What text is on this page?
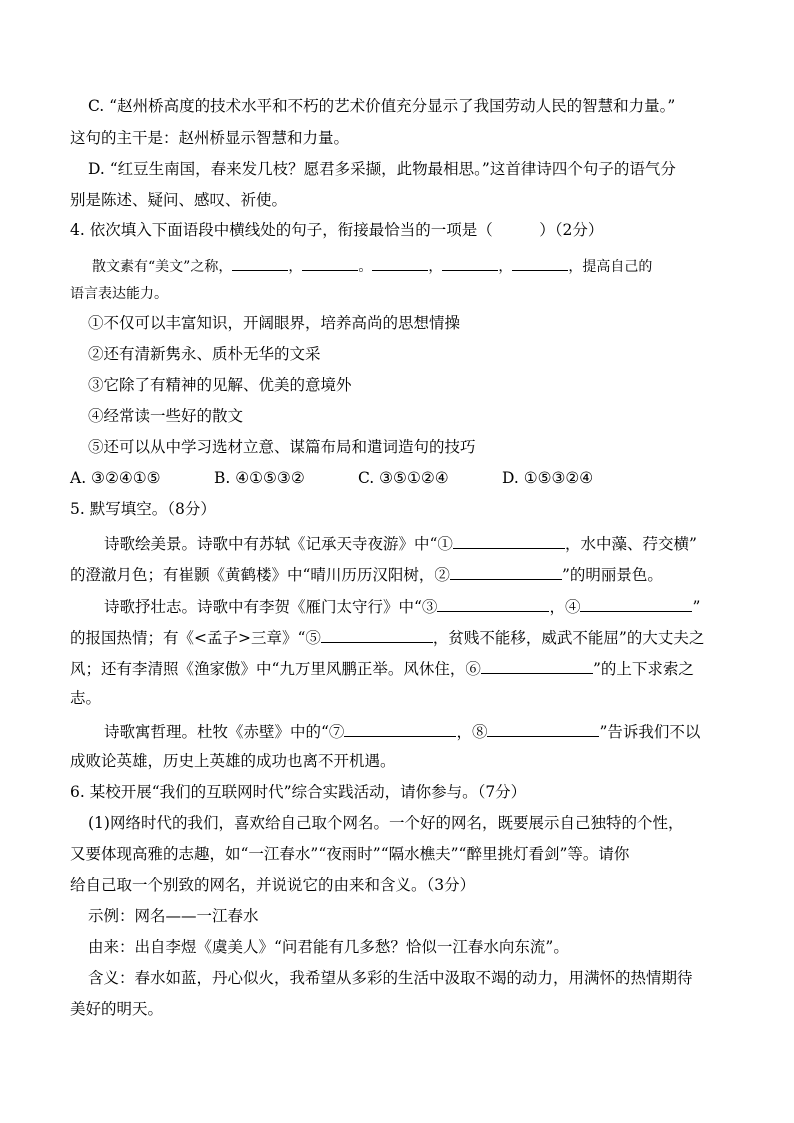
C. “赵州桥高度的技术水平和不朽的艺术价值充分显示了我国劳动人民的智慧和力量。”
这句的主干是：赵州桥显示智慧和力量。
D. “红豆生南国，春来发几枝？愿君多采撷，此物最相思。”这首律诗四个句子的语气分
别是陈述、疑问、感叹、祈使。
4. 依次填入下面语段中横线处的句子，衔接最恰当的一项是（　　　）（2分）
散文素有“美文”之称，	，	。	，	，	，提高自己的
语言表达能力。
①不仅可以丰富知识，开阔眼界，培养高尚的思想情操
②还有清新隽永、质朴无华的文采
③它除了有精神的见解、优美的意境外
④经常读一些好的散文
⑤还可以从中学习选材立意、谋篇布局和遣词造句的技巧
A. ③②④①⑤	B. ④①⑤③②	C. ③⑤①②④	D. ①⑤③②④
5. 默写填空。（8分）
诗歌绘美景。诗歌中有苏轼《记承天寺夜游》中“①	，水中藻、荇交横”
的澄澈月色；有崔颢《黄鹤楼》中“晴川历历汉阳树，②	”的明丽景色。
诗歌抒壮志。诗歌中有李贺《雁门太守行》中“③	，④	”
的报国热情；有《<孟子>三章》“⑤	，贫贱不能移，威武不能屈”的大丈夫之
风；还有李清照《渔家傲》中“九万里风鹏正举。风休住，⑥	”的上下求索之
志。
诗歌寓哲理。杜牧《赤壁》中的“⑦	，⑧	”告诉我们不以
成败论英雄，历史上英雄的成功也离不开机遇。
6. 某校开展“我们的互联网时代”综合实践活动，请你参与。（7分）
(1)网络时代的我们，喜欢给自己取个网名。一个好的网名，既要展示自己独特的个性，
又要体现高雅的志趣，如“一江春水”“夜雨时”“隔水樵夫”“醉里挑灯看剑”等。请你
给自己取一个别致的网名，并说说它的由来和含义。（3分）
示例：网名——一江春水
由来：出自李煜《虞美人》“问君能有几多愁？恰似一江春水向东流”。
含义：春水如蓝，丹心似火，我希望从多彩的生活中汲取不竭的动力，用满怀的热情期待
美好的明天。
